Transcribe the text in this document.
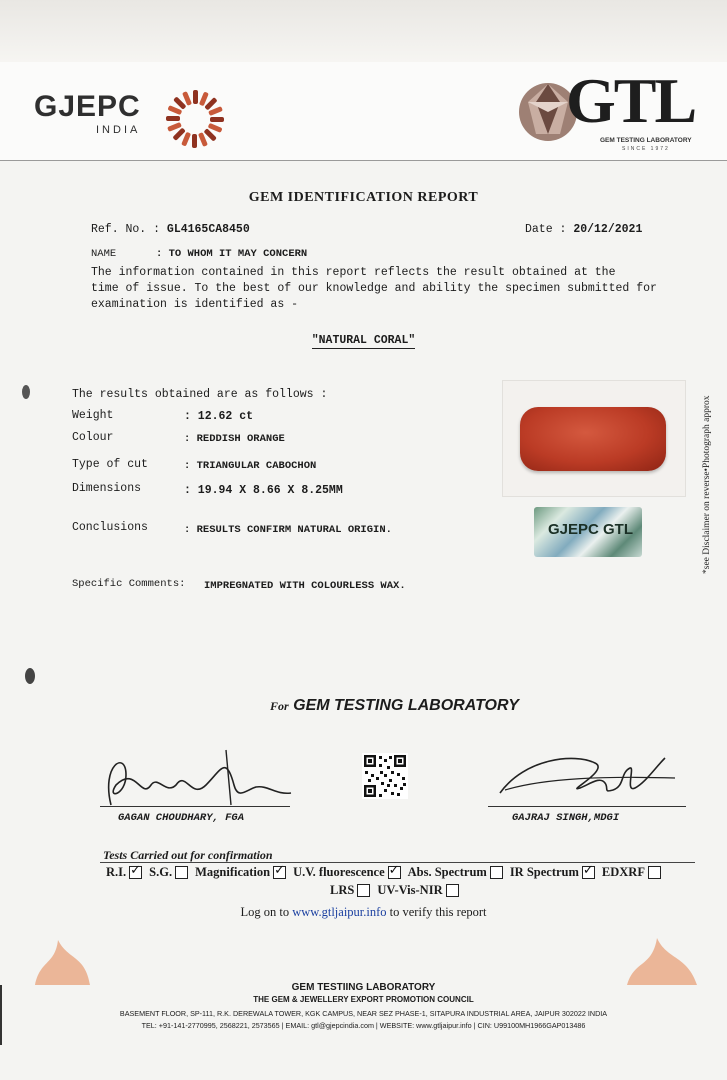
GJEPC
INDIA	GTL
GEM TESTING LABORATORY
SINCE 1972
GEM IDENTIFICATION REPORT
Ref. No. : GL4165CA8450	Date : 20/12/2021
NAME	: TO WHOM IT MAY CONCERN
The information contained in this report reflects the result obtained at the
time of issue. To the best of our knowledge and ability the specimen submitted for
examination is identified as -
"NATURAL CORAL"
The results obtained are as follows :
Weight	: 12.62 ct
Colour	: REDDISH ORANGE
Type of cut	: TRIANGULAR CABOCHON
Dimensions	: 19.94 X 8.66 X 8.25MM
Conclusions	: RESULTS CONFIRM NATURAL ORIGIN.
Specific Comments: IMPREGNATED WITH COLOURLESS WAX.
GJEPC GTL	*see Disclaimer on reverse•Photograph approx
For GEM TESTING LABORATORY
GAGAN CHOUDHARY, FGA	GAJRAJ SINGH,MDGI
Tests Carried out for confirmation
R.I. ✓ S.G. Magnification ✓ U.V. fluorescence ✓ Abs. Spectrum IR Spectrum ✓ EDXRF
LRS UV-Vis-NIR
Log on to www.gtljaipur.info to verify this report
GEM TESTIING LABORATORY
THE GEM & JEWELLERY EXPORT PROMOTION COUNCIL
BASEMENT FLOOR, SP-111, R.K. DEREWALA TOWER, KGK CAMPUS, NEAR SEZ PHASE-1, SITAPURA INDUSTRIAL AREA, JAIPUR 302022 INDIA
TEL: +91-141-2770995, 2568221, 2573565 | EMAIL: gtl@gjepcindia.com | WEBSITE: www.gtljaipur.info | CIN: U99100MH1966GAP013486
